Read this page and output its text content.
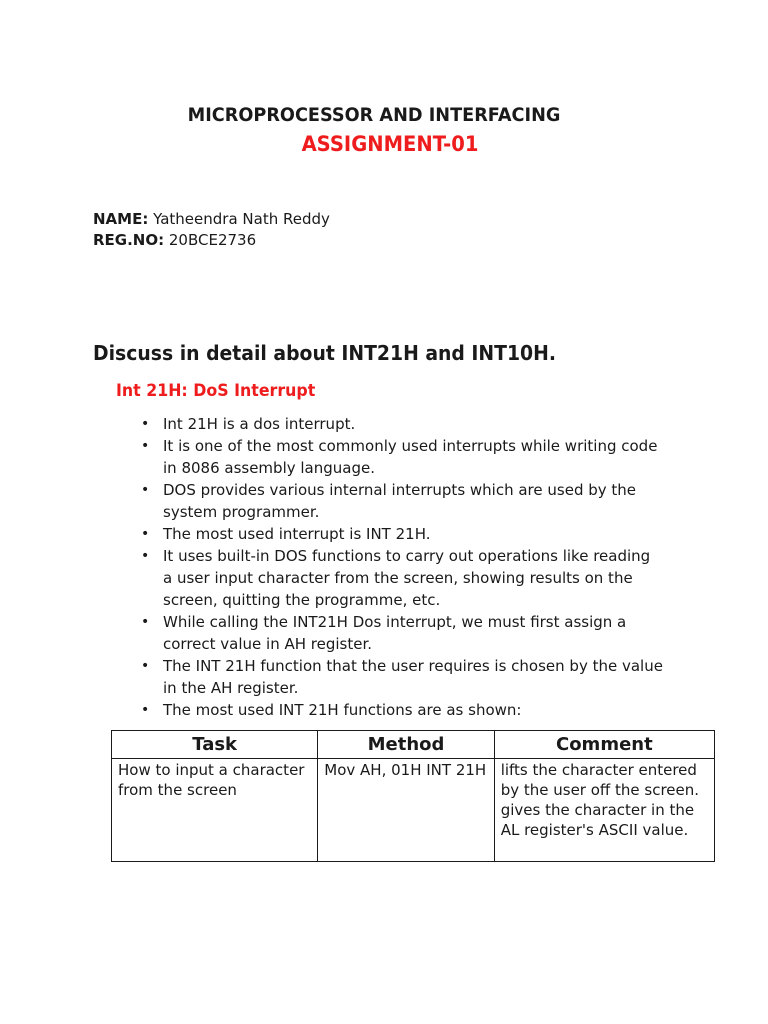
MICROPROCESSOR AND INTERFACING
ASSIGNMENT-01

NAME: Yatheendra Nath Reddy

REG.NO: 20BCE2736

Discuss in detail about INT21H and INT10H.
Int 21H: DoS Interrupt
• Int 21H is a dos interrupt.
• It is one of the most commonly used interrupts while writing code in 8086 assembly language.
• DOS provides various internal interrupts which are used by the system programmer.
• The most used interrupt is INT 21H.
• It uses built-in DOS functions to carry out operations like reading a user input character from the screen, showing results on the screen, quitting the programme, etc.
• While calling the INT21H Dos interrupt, we must first assign a correct value in AH register.
• The INT 21H function that the user requires is chosen by the value in the AH register.
• The most used INT 21H functions are as shown:
Task	Method	Comment
How to input a character from the screen	Mov AH, 01H INT 21H	lifts the character entered by the user off the screen. gives the character in the AL register's ASCII value.
